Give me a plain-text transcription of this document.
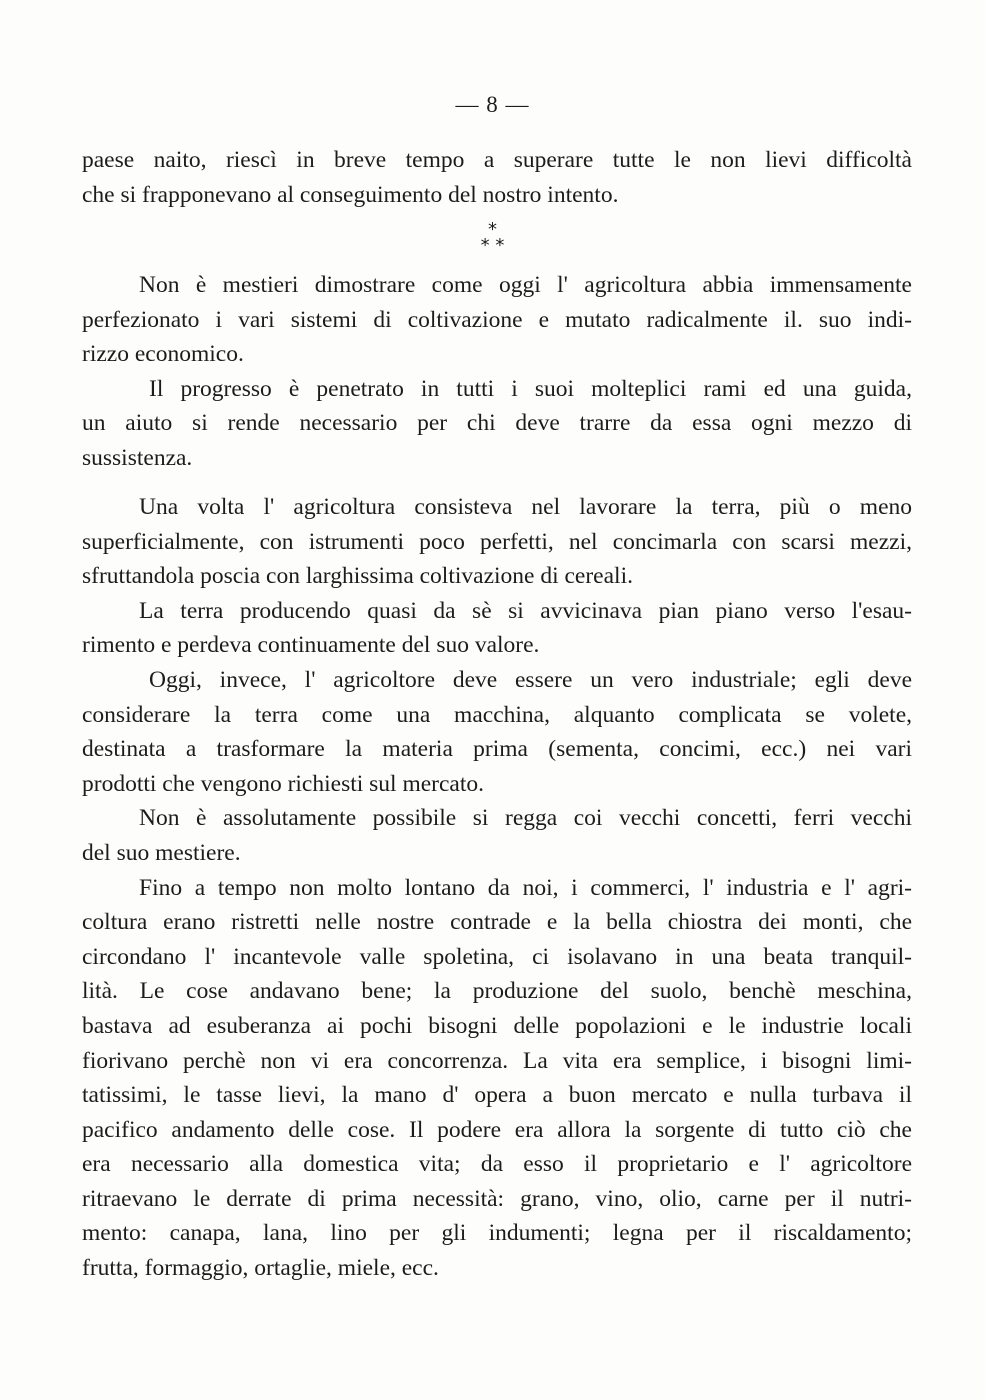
— 8 —
paese naito, riescì in breve tempo a superare tutte le non lievi difficoltà
che si frapponevano al conseguimento del nostro intento.
*
* *
Non è mestieri dimostrare come oggi l' agricoltura abbia immensamente
perfezionato i vari sistemi di coltivazione e mutato radicalmente il. suo indi-
rizzo economico.
Il progresso è penetrato in tutti i suoi molteplici rami ed una guida,
un aiuto si rende necessario per chi deve trarre da essa ogni mezzo di
sussistenza.
Una volta l' agricoltura consisteva nel lavorare la terra, più o meno
superficialmente, con istrumenti poco perfetti, nel concimarla con scarsi mezzi,
sfruttandola poscia con larghissima coltivazione di cereali.
La terra producendo quasi da sè si avvicinava pian piano verso l'esau-
rimento e perdeva continuamente del suo valore.
Oggi, invece, l' agricoltore deve essere un vero industriale; egli deve
considerare la terra come una macchina, alquanto complicata se volete,
destinata a trasformare la materia prima (sementa, concimi, ecc.) nei vari
prodotti che vengono richiesti sul mercato.
Non è assolutamente possibile si regga coi vecchi concetti, ferri vecchi
del suo mestiere.
Fino a tempo non molto lontano da noi, i commerci, l' industria e l' agri-
coltura erano ristretti nelle nostre contrade e la bella chiostra dei monti, che
circondano l' incantevole valle spoletina, ci isolavano in una beata tranquil-
lità. Le cose andavano bene; la produzione del suolo, benchè meschina,
bastava ad esuberanza ai pochi bisogni delle popolazioni e le industrie locali
fiorivano perchè non vi era concorrenza. La vita era semplice, i bisogni limi-
tatissimi, le tasse lievi, la mano d' opera a buon mercato e nulla turbava il
pacifico andamento delle cose. Il podere era allora la sorgente di tutto ciò che
era necessario alla domestica vita; da esso il proprietario e l' agricoltore
ritraevano le derrate di prima necessità: grano, vino, olio, carne per il nutri-
mento: canapa, lana, lino per gli indumenti; legna per il riscaldamento;
frutta, formaggio, ortaglie, miele, ecc.
